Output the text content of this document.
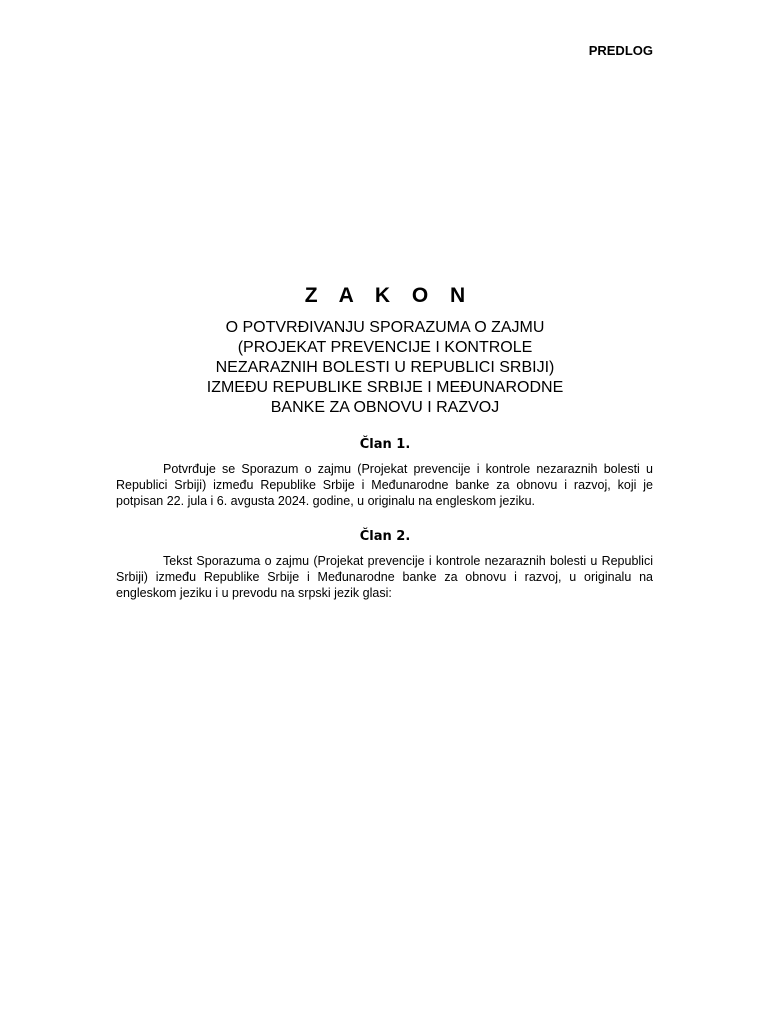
PREDLOG
Z A K O N
O POTVRĐIVANJU SPORAZUMA O ZAJMU
(PROJEKAT PREVENCIJE I KONTROLE
NEZARAZNIH BOLESTI U REPUBLICI SRBIJI)
IZMEĐU REPUBLIKE SRBIJE I MEĐUNARODNE
BANKE ZA OBNOVU I RAZVOJ
Član 1.

Potvrđuje se Sporazum o zajmu (Projekat prevencije i kontrole nezaraznih bolesti u Republici Srbiji) između Republike Srbije i Međunarodne banke za obnovu i razvoj, koji je potpisan 22. jula i 6. avgusta 2024. godine, u originalu na engleskom jeziku.

Član 2.

Tekst Sporazuma o zajmu (Projekat prevencije i kontrole nezaraznih bolesti u Republici Srbiji) između Republike Srbije i Međunarodne banke za obnovu i razvoj, u originalu na engleskom jeziku i u prevodu na srpski jezik glasi:
